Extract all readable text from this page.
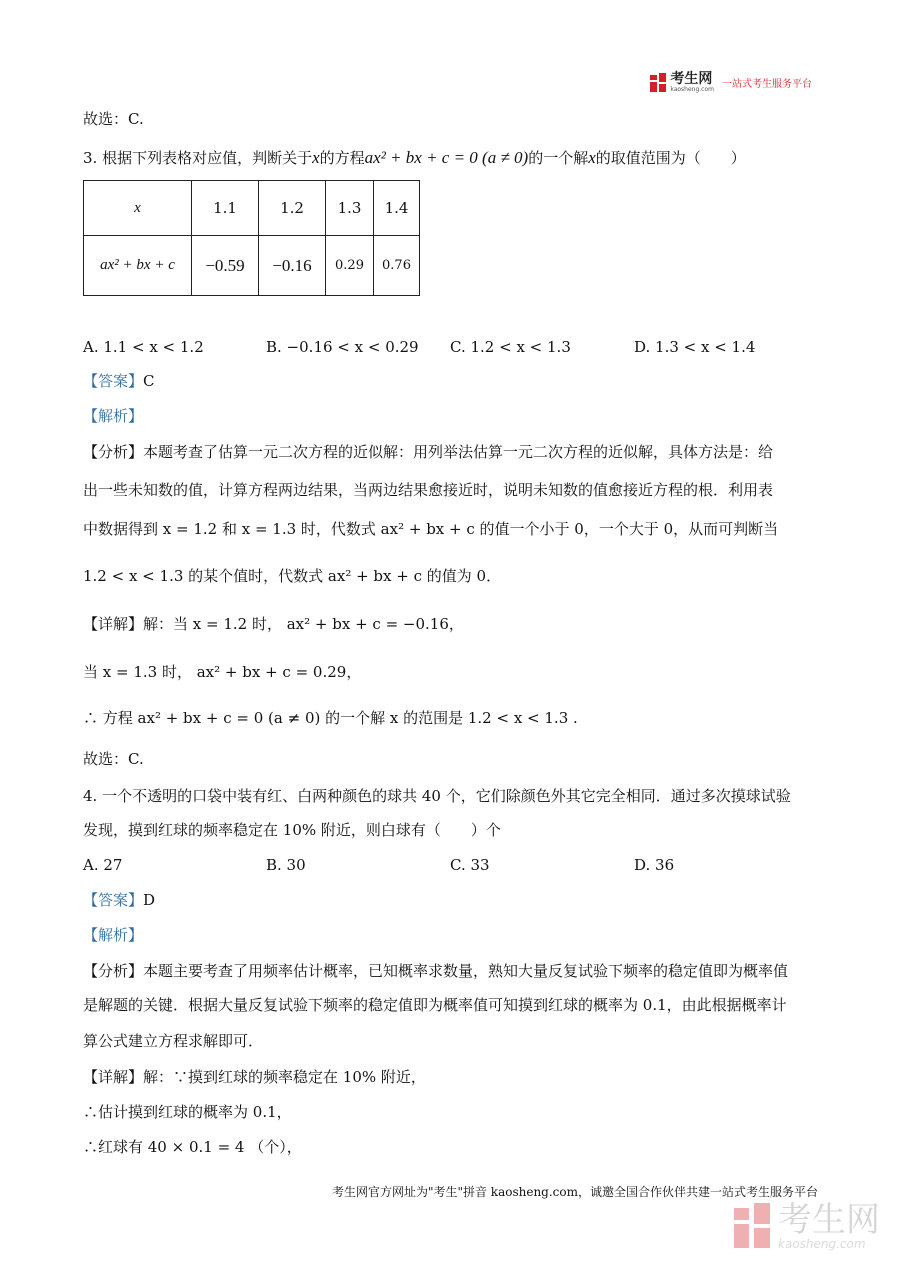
考生网
kaosheng.com 一站式考生服务平台
故选：C.
3. 根据下列表格对应值，判断关于x的方程ax² + bx + c = 0 (a ≠ 0)的一个解x的取值范围为（　　）
x	1.1	1.2	1.3	1.4
ax² + bx + c	−0.59	−0.16	0.29	0.76
A. 1.1 < x < 1.2	B. −0.16 < x < 0.29 C. 1.2 < x < 1.3	D. 1.3 < x < 1.4
【答案】C
【解析】
【分析】本题考查了估算一元二次方程的近似解：用列举法估算一元二次方程的近似解，具体方法是：给
出一些未知数的值，计算方程两边结果，当两边结果愈接近时，说明未知数的值愈接近方程的根．利用表
中数据得到 x = 1.2 和 x = 1.3 时，代数式 ax² + bx + c 的值一个小于 0，一个大于 0，从而可判断当
1.2 < x < 1.3 的某个值时，代数式 ax² + bx + c 的值为 0．
【详解】解：当 x = 1.2 时， ax² + bx + c = −0.16，
当 x = 1.3 时， ax² + bx + c = 0.29，
∴ 方程 ax² + bx + c = 0 (a ≠ 0) 的一个解 x 的范围是 1.2 < x < 1.3 .
故选：C.
4. 一个不透明的口袋中装有红、白两种颜色的球共 40 个，它们除颜色外其它完全相同．通过多次摸球试验
发现，摸到红球的频率稳定在 10% 附近，则白球有（　　）个
A. 27	B. 30	C. 33	D. 36
【答案】D
【解析】
【分析】本题主要考查了用频率估计概率，已知概率求数量，熟知大量反复试验下频率的稳定值即为概率值
是解题的关键．根据大量反复试验下频率的稳定值即为概率值可知摸到红球的概率为 0.1，由此根据概率计
算公式建立方程求解即可．
【详解】解：∵摸到红球的频率稳定在 10% 附近，
∴估计摸到红球的概率为 0.1，
∴红球有 40 × 0.1 = 4 （个），
考生网官方网址为"考生"拼音 kaosheng.com，诚邀全国合作伙伴共建一站式考生服务平台
考生网
kaosheng.com
